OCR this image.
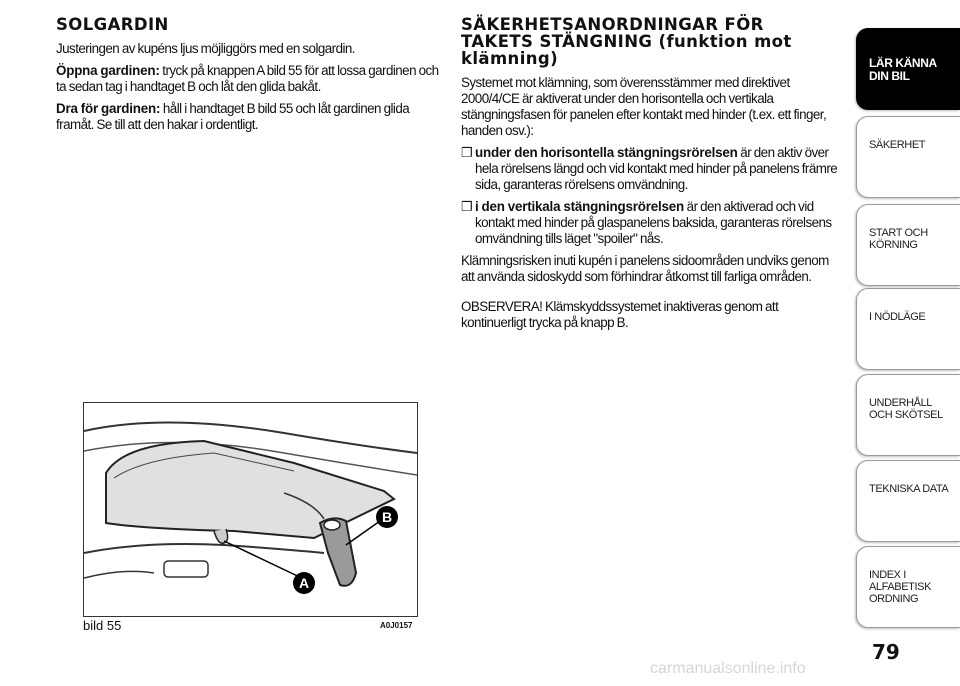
SOLGARDIN

Justeringen av kupéns ljus möjliggörs med en solgardin.

Öppna gardinen: tryck på knappen A bild 55 för att lossa gardinen och ta sedan tag i handtaget B och låt den glida bakåt.

Dra för gardinen: håll i handtaget B bild 55 och låt gardinen glida framåt. Se till att den hakar i ordentligt.

SÄKERHETSANORDNINGAR FÖR TAKETS STÄNGNING (funktion mot klämning)

Systemet mot klämning, som överensstämmer med direktivet 2000/4/CE är aktiverat under den horisontella och vertikala stängningsfasen för panelen efter kontakt med hinder (t.ex. ett finger, handen osv.):

❒ under den horisontella stängningsrörelsen är den aktiv över hela rörelsens längd och vid kontakt med hinder på panelens främre sida, garanteras rörelsens omvändning.
❒ i den vertikala stängningsrörelsen är den aktiverad och vid kontakt med hinder på glaspanelens baksida, garanteras rörelsens omvändning tills läget "spoiler" nås.

Klämningsrisken inuti kupén i panelens sidoområden undviks genom att använda sidoskydd som förhindrar åtkomst till farliga områden.

OBSERVERA! Klämskyddssystemet inaktiveras genom att kontinuerligt trycka på knapp B.

A
B
bild 55	A0J0157
LÄR KÄNNA DIN BIL
SÄKERHET
START OCH KÖRNING
I NÖDLÄGE
UNDERHÅLL OCH SKÖTSEL
TEKNISKA DATA
INDEX I ALFABETISK ORDNING
79
carmanualsonline.info
